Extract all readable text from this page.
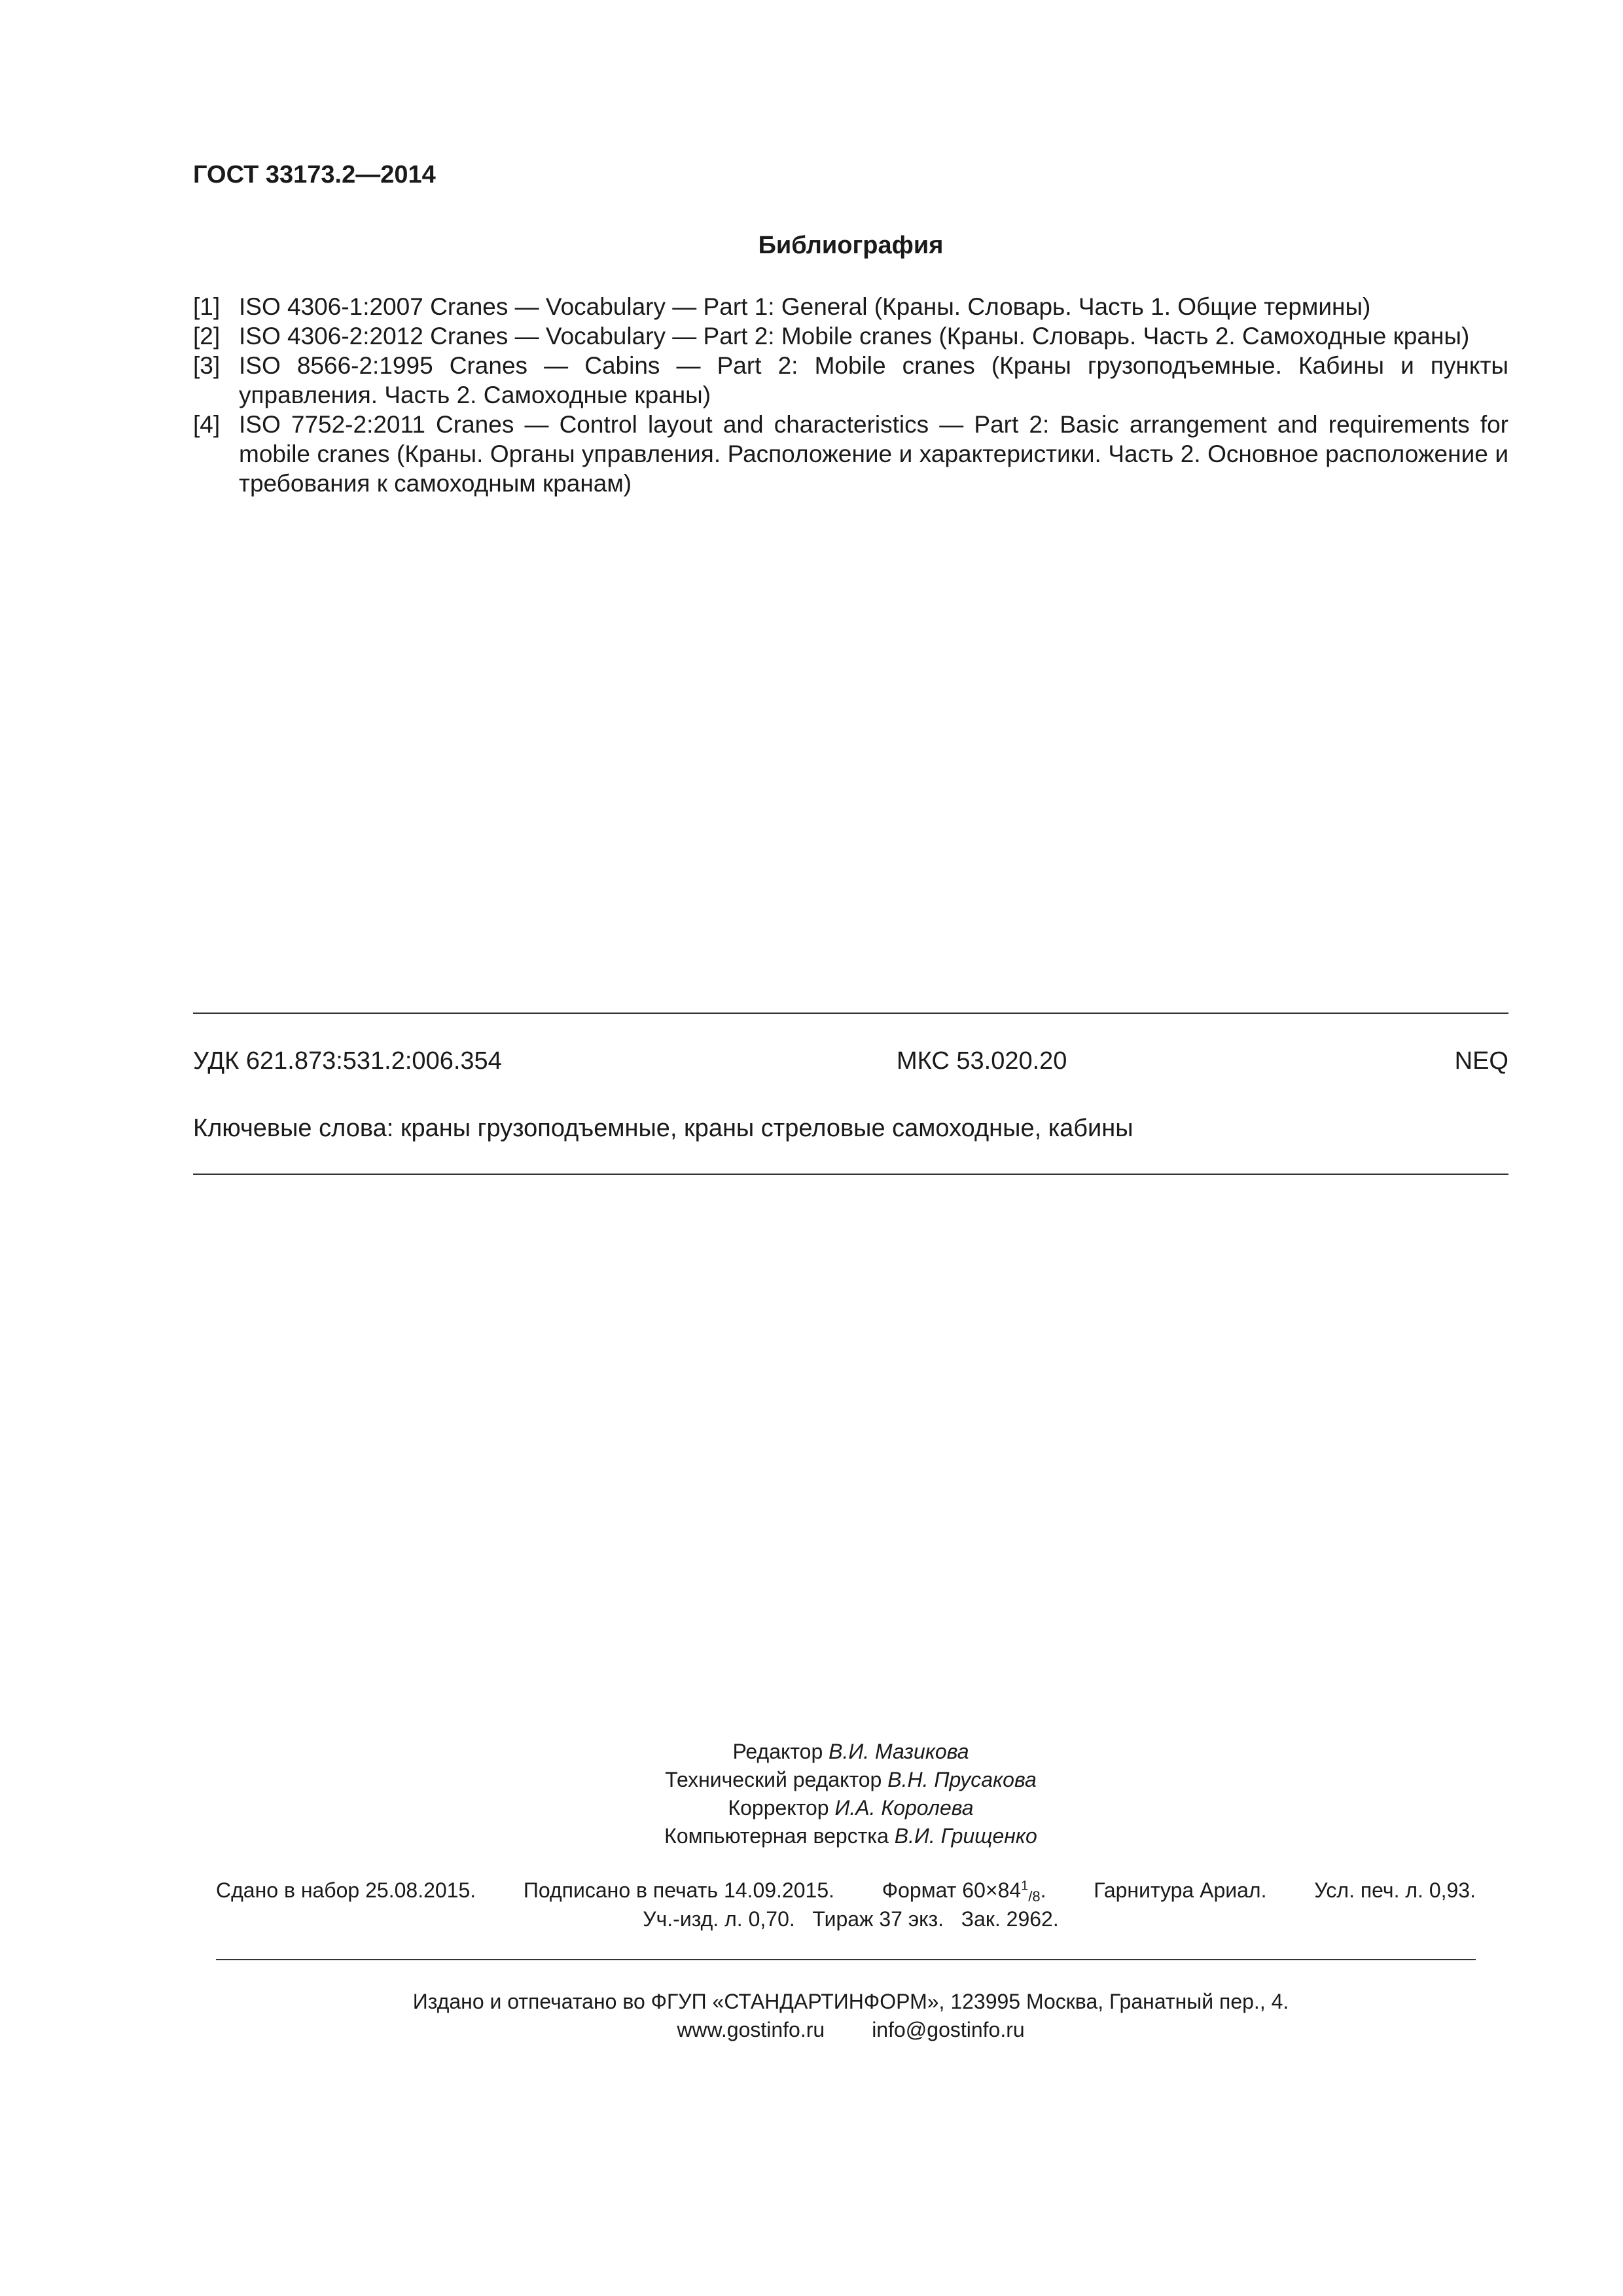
ГОСТ 33173.2—2014
Библиография
[1] ISO 4306-1:2007 Cranes — Vocabulary — Part 1: General (Краны. Словарь. Часть 1. Общие термины)
[2] ISO 4306-2:2012 Cranes — Vocabulary — Part 2: Mobile cranes (Краны. Словарь. Часть 2. Самоходные краны)
[3] ISO 8566-2:1995 Cranes — Cabins — Part 2: Mobile cranes (Краны грузоподъемные. Кабины и пункты управления. Часть 2. Самоходные краны)
[4] ISO 7752-2:2011 Cranes — Control layout and characteristics — Part 2: Basic arrangement and requirements for mobile cranes (Краны. Органы управления. Расположение и характеристики. Часть 2. Основное расположение и требования к самоходным кранам)
УДК 621.873:531.2:006.354	МКС 53.020.20	NEQ
Ключевые слова: краны грузоподъемные, краны стреловые самоходные, кабины
Редактор В.И. Мазикова
Технический редактор В.Н. Прусакова
Корректор И.А. Королева
Компьютерная верстка В.И. Грищенко
Сдано в набор 25.08.2015. Подписано в печать 14.09.2015. Формат $60\times 84^1/8$. Гарнитура Ариал. Усл. печ. л. 0,93.
Уч.-изд. л. 0,70. Тираж 37 экз. Зак. 2962.
Издано и отпечатано во ФГУП «СТАНДАРТИНФОРМ», 123995 Москва, Гранатный пер., 4.
www.gostinfo.ru info@gostinfo.ru
